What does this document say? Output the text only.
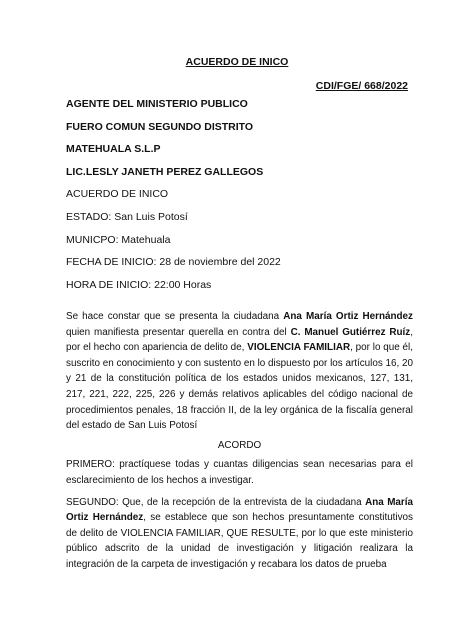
ACUERDO DE INICO
CDI/FGE/ 668/2022
AGENTE DEL MINISTERIO PUBLICO
FUERO COMUN SEGUNDO DISTRITO
MATEHUALA S.L.P
LIC.LESLY JANETH PEREZ GALLEGOS
ACUERDO DE INICO
ESTADO: San Luis Potosí
MUNICPO: Matehuala
FECHA DE INICIO: 28 de noviembre del 2022
HORA DE INICIO: 22:00 Horas

Se hace constar que se presenta la ciudadana Ana María Ortiz Hernández quien manifiesta presentar querella en contra del C. Manuel Gutiérrez Ruíz, por el hecho con apariencia de delito de, VIOLENCIA FAMILIAR, por lo que él, suscrito en conocimiento y con sustento en lo dispuesto por los artículos 16, 20 y 21 de la constitución política de los estados unidos mexicanos, 127, 131, 217, 221, 222, 225, 226 y demás relativos aplicables del código nacional de procedimientos penales, 18 fracción II, de la ley orgánica de la fiscalía general del estado de San Luis Potosí

ACORDO

PRIMERO: practíquese todas y cuantas diligencias sean necesarias para el esclarecimiento de los hechos a investigar.

SEGUNDO: Que, de la recepción de la entrevista de la ciudadana Ana María Ortiz Hernández, se establece que son hechos presuntamente constitutivos de delito de VIOLENCIA FAMILIAR, QUE RESULTE, por lo que este ministerio público adscrito de la unidad de investigación y litigación realizara la integración de la carpeta de investigación y recabara los datos de prueba
